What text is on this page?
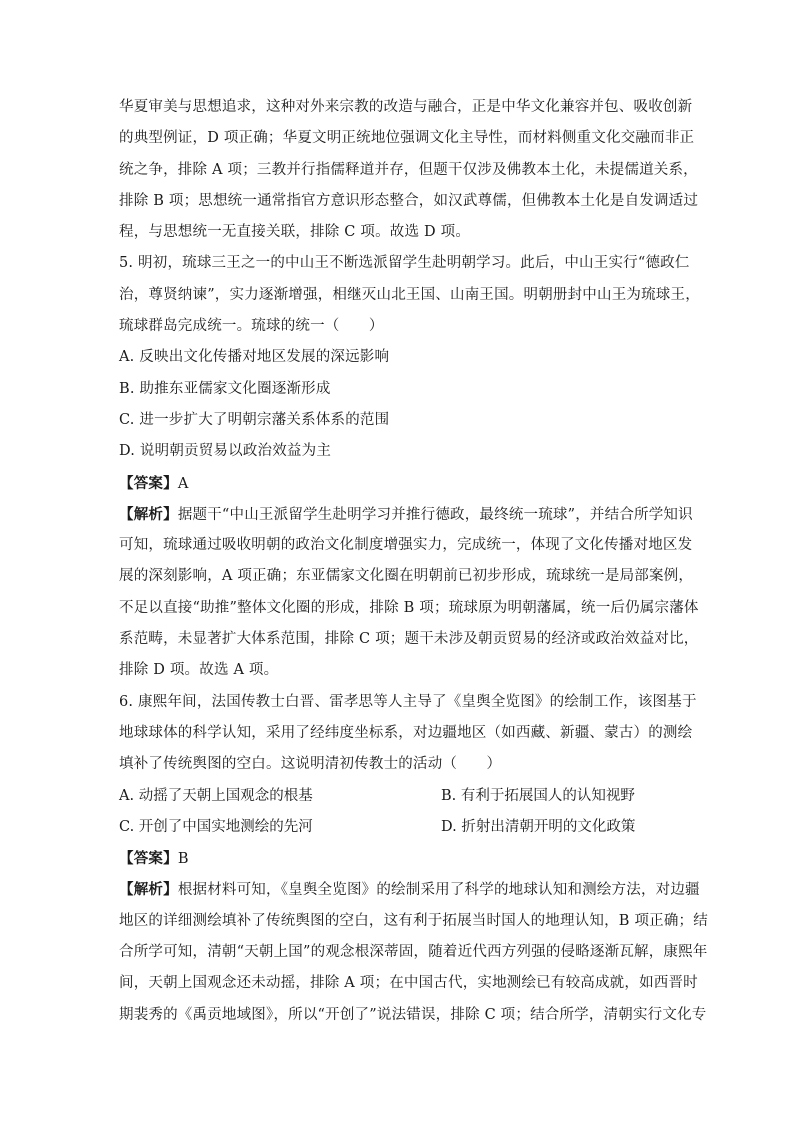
华夏审美与思想追求，这种对外来宗教的改造与融合，正是中华文化兼容并包、吸收创新
的典型例证，D 项正确；华夏文明正统地位强调文化主导性，而材料侧重文化交融而非正
统之争，排除 A 项；三教并行指儒释道并存，但题干仅涉及佛教本土化，未提儒道关系，
排除 B 项；思想统一通常指官方意识形态整合，如汉武尊儒，但佛教本土化是自发调适过
程，与思想统一无直接关联，排除 C 项。故选 D 项。
5. 明初，琉球三王之一的中山王不断选派留学生赴明朝学习。此后，中山王实行“德政仁
治，尊贤纳谏”，实力逐渐增强，相继灭山北王国、山南王国。明朝册封中山王为琉球王，
琉球群岛完成统一。琉球的统一（　　）
A. 反映出文化传播对地区发展的深远影响
B. 助推东亚儒家文化圈逐渐形成
C. 进一步扩大了明朝宗藩关系体系的范围
D. 说明朝贡贸易以政治效益为主
【答案】A
【解析】据题干“中山王派留学生赴明学习并推行德政，最终统一琉球”，并结合所学知识
可知，琉球通过吸收明朝的政治文化制度增强实力，完成统一，体现了文化传播对地区发
展的深刻影响，A 项正确；东亚儒家文化圈在明朝前已初步形成，琉球统一是局部案例，
不足以直接“助推”整体文化圈的形成，排除 B 项；琉球原为明朝藩属，统一后仍属宗藩体
系范畴，未显著扩大体系范围，排除 C 项；题干未涉及朝贡贸易的经济或政治效益对比，
排除 D 项。故选 A 项。
6. 康熙年间，法国传教士白晋、雷孝思等人主导了《皇舆全览图》的绘制工作，该图基于
地球球体的科学认知，采用了经纬度坐标系，对边疆地区（如西藏、新疆、蒙古）的测绘
填补了传统舆图的空白。这说明清初传教士的活动（　　）
A. 动摇了天朝上国观念的根基	B. 有利于拓展国人的认知视野
C. 开创了中国实地测绘的先河	D. 折射出清朝开明的文化政策
【答案】B
【解析】根据材料可知，《皇舆全览图》的绘制采用了科学的地球认知和测绘方法，对边疆
地区的详细测绘填补了传统舆图的空白，这有利于拓展当时国人的地理认知，B 项正确；结
合所学可知，清朝“天朝上国”的观念根深蒂固，随着近代西方列强的侵略逐渐瓦解，康熙年
间，天朝上国观念还未动摇，排除 A 项；在中国古代，实地测绘已有较高成就，如西晋时
期裴秀的《禹贡地域图》，所以“开创了”说法错误，排除 C 项；结合所学，清朝实行文化专
